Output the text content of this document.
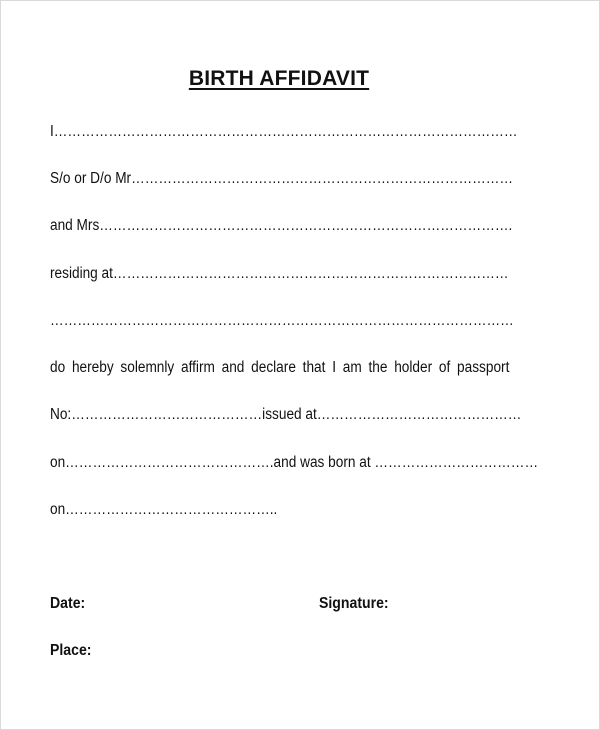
BIRTH AFFIDAVIT
I…………………………………………………………………………………………
S/o or D/o Mr…………………………………………………………………………
and Mrs……………………………………………………………………………….
residing at……………………………………………………………………………
…………………………………………………………………………………………
do hereby solemnly affirm and declare that I am the holder of passport
No:……………………………………issued at………………………………………
on……………………………………….and was born at ………………………………
on………………………………………..
Date:	Signature:
Place:
